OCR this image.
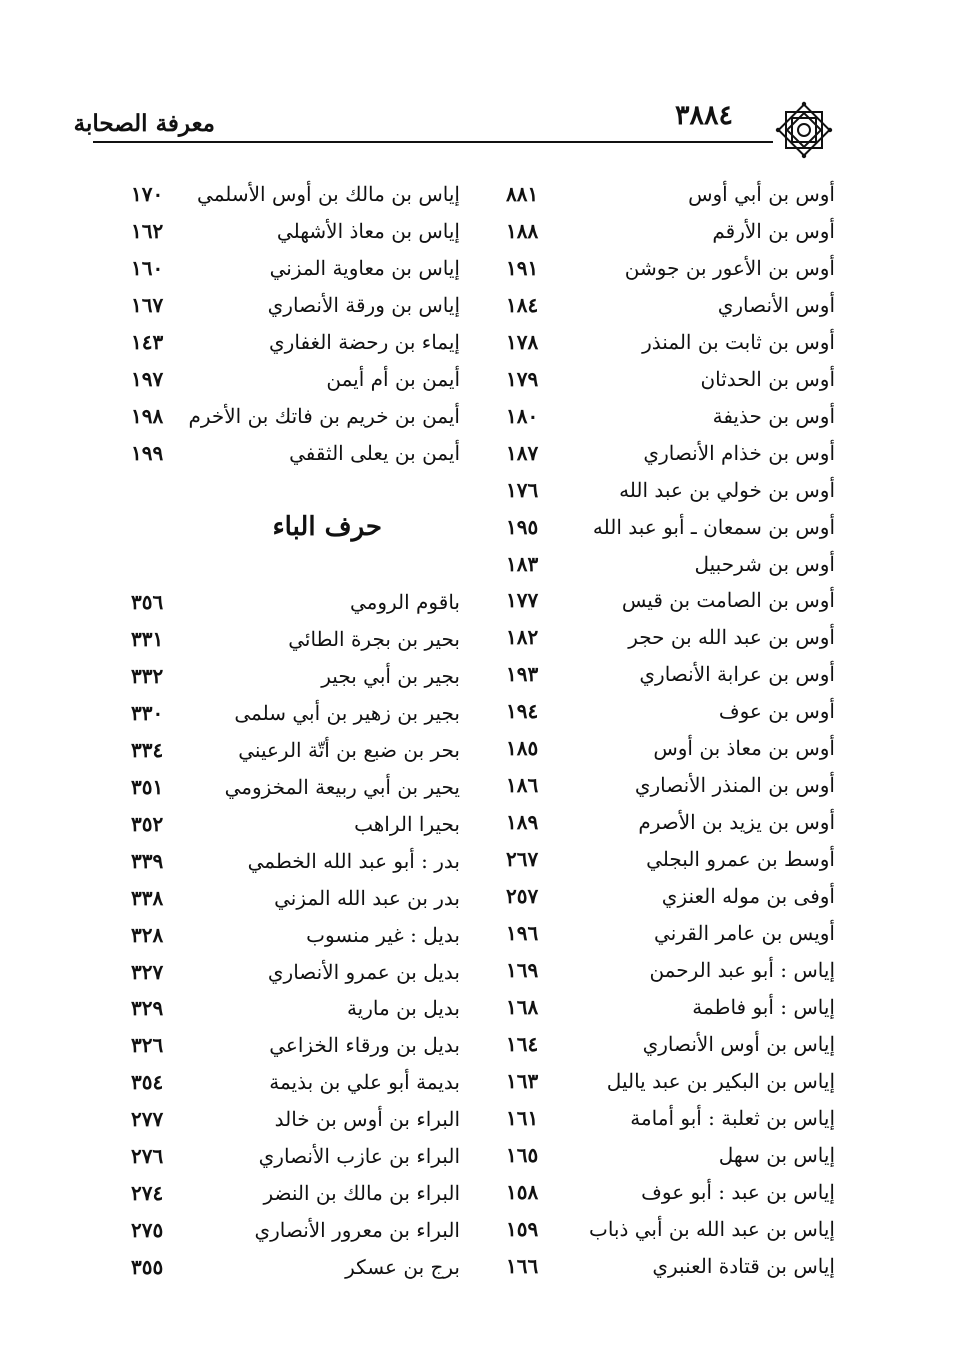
٣٨٨٤
معرفة الصحابة
أوس بن أبي أوس
٨٨١
أوس بن الأرقم
١٨٨
أوس بن الأعور بن جوشن
١٩١
أوس الأنصاري
١٨٤
أوس بن ثابت بن المنذر
١٧٨
أوس بن الحدثان
١٧٩
أوس بن حذيفة
١٨٠
أوس بن خذام الأنصاري
١٨٧
أوس بن خولي بن عبد الله
١٧٦
أوس بن سمعان ـ أبو عبد الله
١٩٥
أوس بن شرحبيل
١٨٣
أوس بن الصامت بن قيس
١٧٧
أوس بن عبد الله بن حجر
١٨٢
أوس بن عرابة الأنصاري
١٩٣
أوس بن عوف
١٩٤
أوس بن معاذ بن أوس
١٨٥
أوس بن المنذر الأنصاري
١٨٦
أوس بن يزيد بن الأصرم
١٨٩
أوسط بن عمرو البجلي
٢٦٧
أوفى بن موله العنزي
٢٥٧
أويس بن عامر القرني
١٩٦
إياس : أبو عبد الرحمن
١٦٩
إياس : أبو فاطمة
١٦٨
إياس بن أوس الأنصاري
١٦٤
إياس بن البكير بن عبد ياليل
١٦٣
إياس بن ثعلبة : أبو أمامة
١٦١
إياس بن سهل
١٦٥
إياس بن عبد : أبو عوف
١٥٨
إياس بن عبد الله بن أبي ذباب
١٥٩
إياس بن قتادة العنبري
١٦٦
إياس بن مالك بن أوس الأسلمي
١٧٠
إياس بن معاذ الأشهلي
١٦٢
إياس بن معاوية المزني
١٦٠
إياس بن ورقة الأنصاري
١٦٧
إيماء بن رحضة الغفاري
١٤٣
أيمن بن أم أيمن
١٩٧
أيمن بن خريم بن فاتك بن الأخرم
١٩٨
أيمن بن يعلى الثقفي
١٩٩
حرف الباء
باقوم الرومي
٣٥٦
بحير بن بجرة الطائي
٣٣١
بجير بن أبي بجير
٣٣٢
بجير بن زهير بن أبي سلمى
٣٣٠
بحر بن ضبع بن أتّة الرعيني
٣٣٤
يحير بن أبي ربيعة المخزومي
٣٥١
بحيرا الراهب
٣٥٢
بدر : أبو عبد الله الخطمي
٣٣٩
بدر بن عبد الله المزني
٣٣٨
بديل : غير منسوب
٣٢٨
بديل بن عمرو الأنصاري
٣٢٧
بديل بن مارية
٣٢٩
بديل بن ورقاء الخزاعي
٣٢٦
بديمة أبو علي بن بذيمة
٣٥٤
البراء بن أوس بن خالد
٢٧٧
البراء بن عازب الأنصاري
٢٧٦
البراء بن مالك بن النضر
٢٧٤
البراء بن معرور الأنصاري
٢٧٥
برج بن عسكر
٣٥٥
